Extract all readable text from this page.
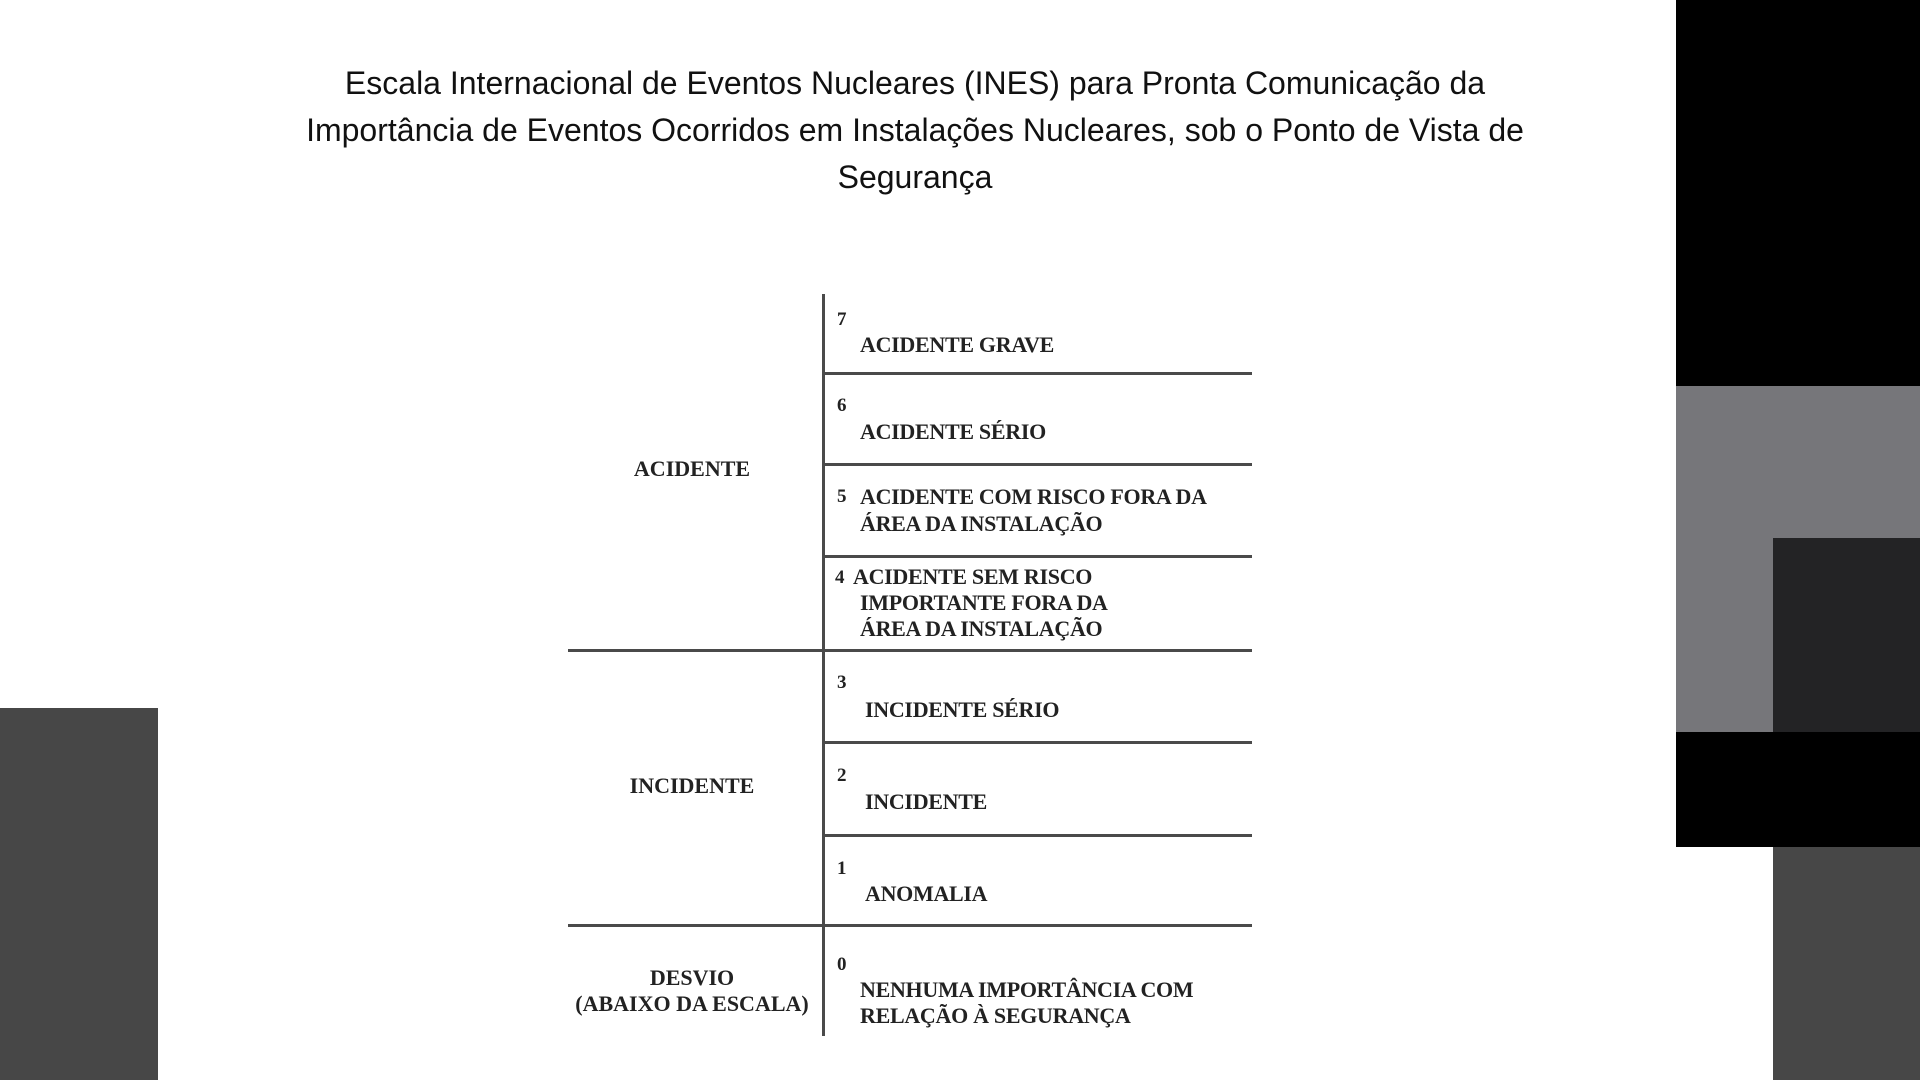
Escala Internacional de Eventos Nucleares (INES) para Pronta Comunicação da
Importância de Eventos Ocorridos em Instalações Nucleares, sob o Ponto de Vista de
Segurança
ACIDENTE
INCIDENTE
DESVIO
(ABAIXO DA ESCALA)
7
ACIDENTE GRAVE
6
ACIDENTE SÉRIO
5 ACIDENTE COM RISCO FORA DA
ÁREA DA INSTALAÇÃO
4 ACIDENTE SEM RISCO
IMPORTANTE FORA DA
ÁREA DA INSTALAÇÃO
3
INCIDENTE SÉRIO
2
INCIDENTE
1
ANOMALIA
0
NENHUMA IMPORTÂNCIA COM
RELAÇÃO À SEGURANÇA
